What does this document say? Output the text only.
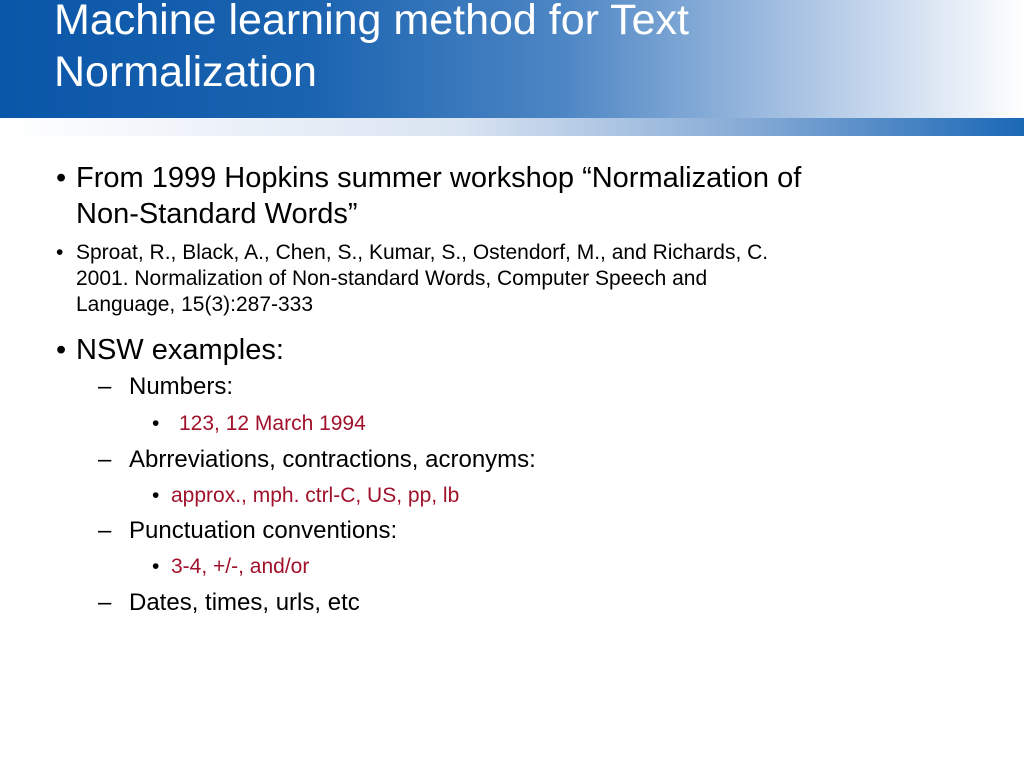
Machine learning method for Text
Normalization
• From 1999 Hopkins summer workshop “Normalization of
Non-Standard Words”
• Sproat, R., Black, A., Chen, S., Kumar, S., Ostendorf, M., and Richards, C.
2001. Normalization of Non-standard Words, Computer Speech and
Language, 15(3):287-333
• NSW examples:
– Numbers:
• 123, 12 March 1994
– Abrreviations, contractions, acronyms:
• approx., mph. ctrl-C, US, pp, lb
– Punctuation conventions:
• 3-4, +/-, and/or
– Dates, times, urls, etc
